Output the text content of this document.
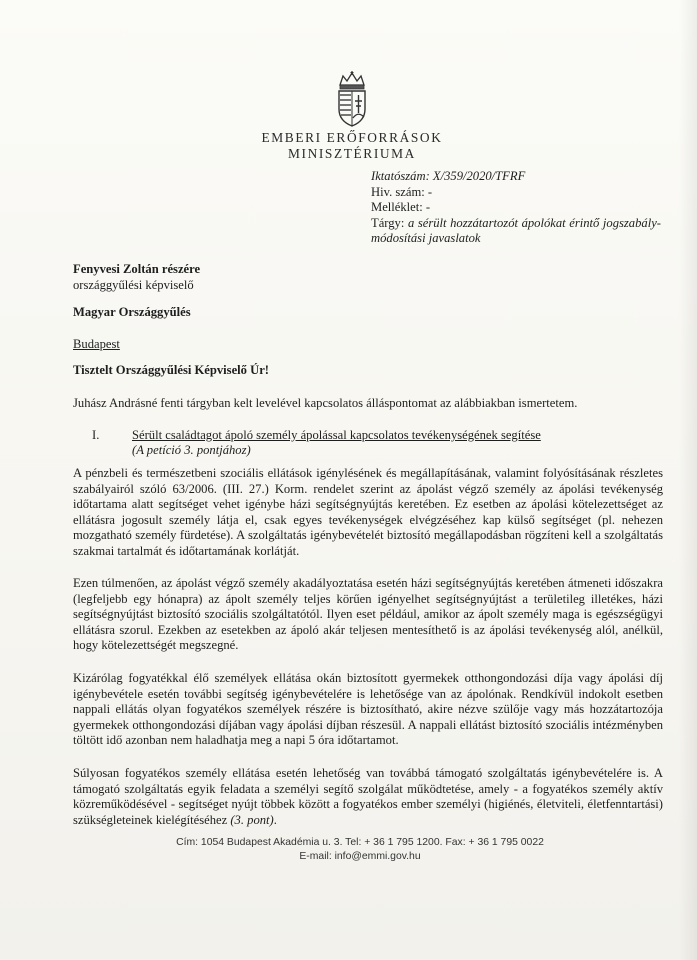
EMBERI ERŐFORRÁSOK
MINISZTÉRIUMA
Iktatószám: X/359/2020/TFRF
Hiv. szám: -
Melléklet: -
Tárgy: a sérült hozzátartozót ápolókat érintő jogszabály-módosítási javaslatok
Fenyvesi Zoltán részére
országgyűlési képviselő
Magyar Országgyűlés
Budapest
Tisztelt Országgyűlési Képviselő Úr!
Juhász Andrásné fenti tárgyban kelt levelével kapcsolatos álláspontomat az alábbiakban ismertetem.
I.	Sérült családtagot ápoló személy ápolással kapcsolatos tevékenységének segítése
(A petíció 3. pontjához)
A pénzbeli és természetbeni szociális ellátások igénylésének és megállapításának, valamint folyósításának részletes szabályairól szóló 63/2006. (III. 27.) Korm. rendelet szerint az ápolást végző személy az ápolási tevékenység időtartama alatt segítséget vehet igénybe házi segítségnyújtás keretében. Ez esetben az ápolási kötelezettséget az ellátásra jogosult személy látja el, csak egyes tevékenységek elvégzéséhez kap külső segítséget (pl. nehezen mozgatható személy fürdetése). A szolgáltatás igénybevételét biztosító megállapodásban rögzíteni kell a szolgáltatás szakmai tartalmát és időtartamának korlátját.
Ezen túlmenően, az ápolást végző személy akadályoztatása esetén házi segítségnyújtás keretében átmeneti időszakra (legfeljebb egy hónapra) az ápolt személy teljes körűen igényelhet segítségnyújtást a területileg illetékes, házi segítségnyújtást biztosító szociális szolgáltatótól. Ilyen eset például, amikor az ápolt személy maga is egészségügyi ellátásra szorul. Ezekben az esetekben az ápoló akár teljesen mentesíthető is az ápolási tevékenység alól, anélkül, hogy kötelezettségét megszegné.
Kizárólag fogyatékkal élő személyek ellátása okán biztosított gyermekek otthongondozási díja vagy ápolási díj igénybevétele esetén további segítség igénybevételére is lehetősége van az ápolónak. Rendkívül indokolt esetben nappali ellátás olyan fogyatékos személyek részére is biztosítható, akire nézve szülője vagy más hozzátartozója gyermekek otthongondozási díjában vagy ápolási díjban részesül. A nappali ellátást biztosító szociális intézményben töltött idő azonban nem haladhatja meg a napi 5 óra időtartamot.
Súlyosan fogyatékos személy ellátása esetén lehetőség van továbbá támogató szolgáltatás igénybevételére is. A támogató szolgáltatás egyik feladata a személyi segítő szolgálat működtetése, amely - a fogyatékos személy aktív közreműködésével - segítséget nyújt többek között a fogyatékos ember személyi (higiénés, életviteli, életfenntartási) szükségleteinek kielégítéséhez (3. pont).
Cím: 1054 Budapest Akadémia u. 3. Tel: + 36 1 795 1200. Fax: + 36 1 795 0022
E-mail: info@emmi.gov.hu
